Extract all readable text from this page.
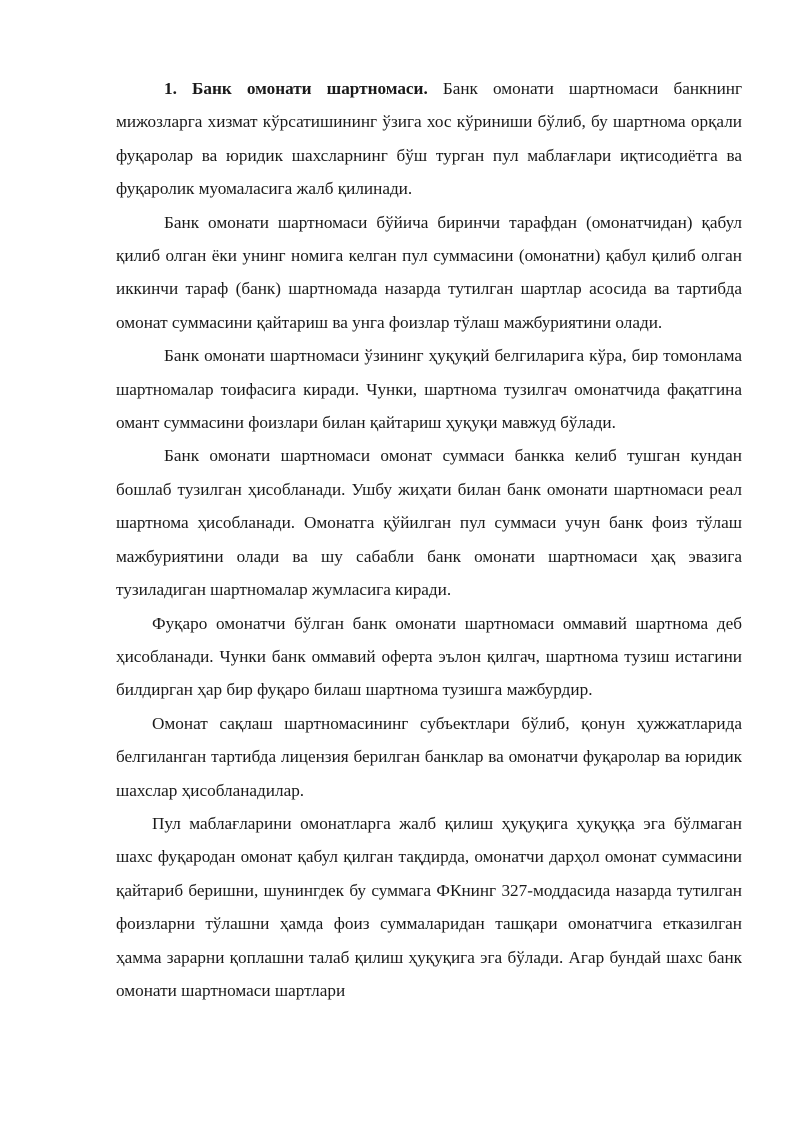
1. Банк омонати шартномаси. Банк омонати шартномаси банкнинг мижозларга хизмат кўрсатишининг ўзига хос кўриниши бўлиб, бу шартнома орқали фуқаролар ва юридик шахсларнинг бўш турган пул маблағлари иқтисодиётга ва фуқаролик муомаласига жалб қилинади.

Банк омонати шартномаси бўйича биринчи тарафдан (омонатчидан) қабул қилиб олган ёки унинг номига келган пул суммасини (омонатни) қабул қилиб олган иккинчи тараф (банк) шартномада назарда тутилган шартлар асосида ва тартибда омонат суммасини қайтариш ва унга фоизлар тўлаш мажбуриятини олади.

Банк омонати шартномаси ўзининг ҳуқуқий белгиларига кўра, бир томонлама шартномалар тоифасига киради. Чунки, шартнома тузилгач омонатчида фақатгина омант суммасини фоизлари билан қайтариш ҳуқуқи мавжуд бўлади.

Банк омонати шартномаси омонат суммаси банкка келиб тушган кундан бошлаб тузилган ҳисобланади. Ушбу жиҳати билан банк омонати шартномаси реал шартнома ҳисобланади. Омонатга қўйилган пул суммаси учун банк фоиз тўлаш мажбуриятини олади ва шу сабабли банк омонати шартномаси ҳақ эвазига тузиладиган шартномалар жумласига киради.

Фуқаро омонатчи бўлган банк омонати шартномаси оммавий шартнома деб ҳисобланади. Чунки банк оммавий оферта эълон қилгач, шартнома тузиш истагини билдирган ҳар бир фуқаро билаш шартнома тузишга мажбурдир.

Омонат сақлаш шартномасининг субъектлари бўлиб, қонун ҳужжатларида белгиланган тартибда лицензия берилган банклар ва омонатчи фуқаролар ва юридик шахслар ҳисобланадилар.

Пул маблағларини омонатларга жалб қилиш ҳуқуқига ҳуқуққа эга бўлмаган шахс фуқародан омонат қабул қилган тақдирда, омонатчи дарҳол омонат суммасини қайтариб беришни, шунингдек бу суммага ФКнинг 327-моддасида назарда тутилган фоизларни тўлашни ҳамда фоиз суммаларидан ташқари омонатчига етказилган ҳамма зарарни қоплашни талаб қилиш ҳуқуқига эга бўлади. Агар бундай шахс банк омонати шартномаси шартлари
